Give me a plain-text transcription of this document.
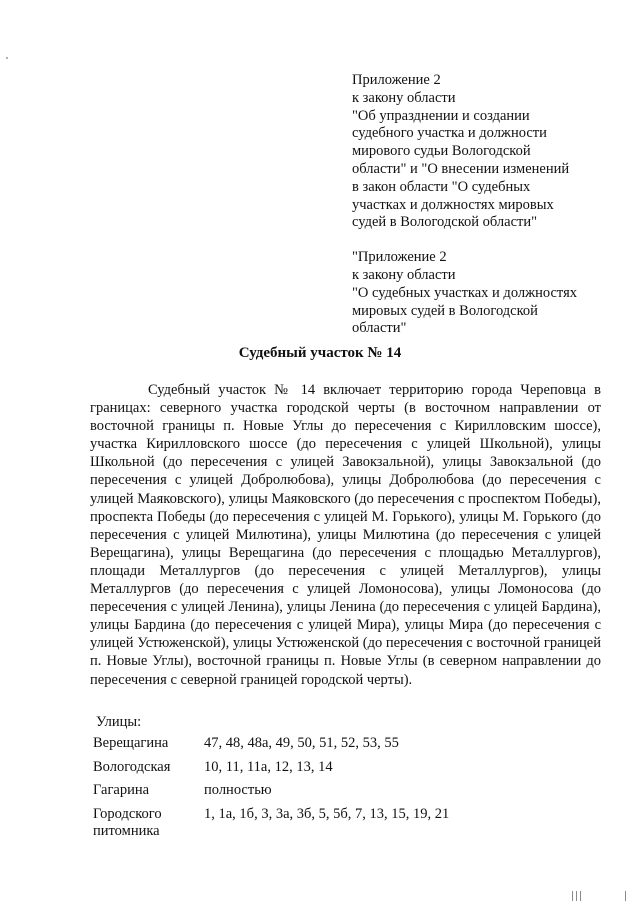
Приложение 2
к закону области
"Об упразднении и создании
судебного участка и должности
мирового судьи Вологодской
области" и "О внесении изменений
в закон области "О судебных
участках и должностях мировых
судей в Вологодской области"
"Приложение 2
к закону области
"О судебных участках и должностях
мировых судей в Вологодской
области"
Судебный участок № 14

Судебный участок № 14 включает территорию города Череповца в границах: северного участка городской черты (в восточном направлении от восточной границы п. Новые Углы до пересечения с Кирилловским шоссе), участка Кирилловского шоссе (до пересечения с улицей Школьной), улицы Школьной (до пересечения с улицей Завокзальной), улицы Завокзальной (до пересечения с улицей Добролюбова), улицы Добролюбова (до пересечения с улицей Маяковского), улицы Маяковского (до пересечения с проспектом Победы), проспекта Победы (до пересечения с улицей М. Горького), улицы М. Горького (до пересечения с улицей Милютина), улицы Милютина (до пересечения с улицей Верещагина), улицы Верещагина (до пересечения с площадью Металлургов), площади Металлургов (до пересечения с улицей Металлургов), улицы Металлургов (до пересечения с улицей Ломоносова), улицы Ломоносова (до пересечения с улицей Ленина), улицы Ленина (до пересечения с улицей Бардина), улицы Бардина (до пересечения с улицей Мира), улицы Мира (до пересечения с улицей Устюженской), улицы Устюженской (до пересечения с восточной границей п. Новые Углы), восточной границы п. Новые Углы (в северном направлении до пересечения с северной границей городской черты).

Улицы:
Верещагина	47, 48, 48а, 49, 50, 51, 52, 53, 55
Вологодская	10, 11, 11а, 12, 13, 14
Гагарина	полностью
Городского питомника	1, 1а, 1б, 3, 3а, 3б, 5, 5б, 7, 13, 15, 19, 21
